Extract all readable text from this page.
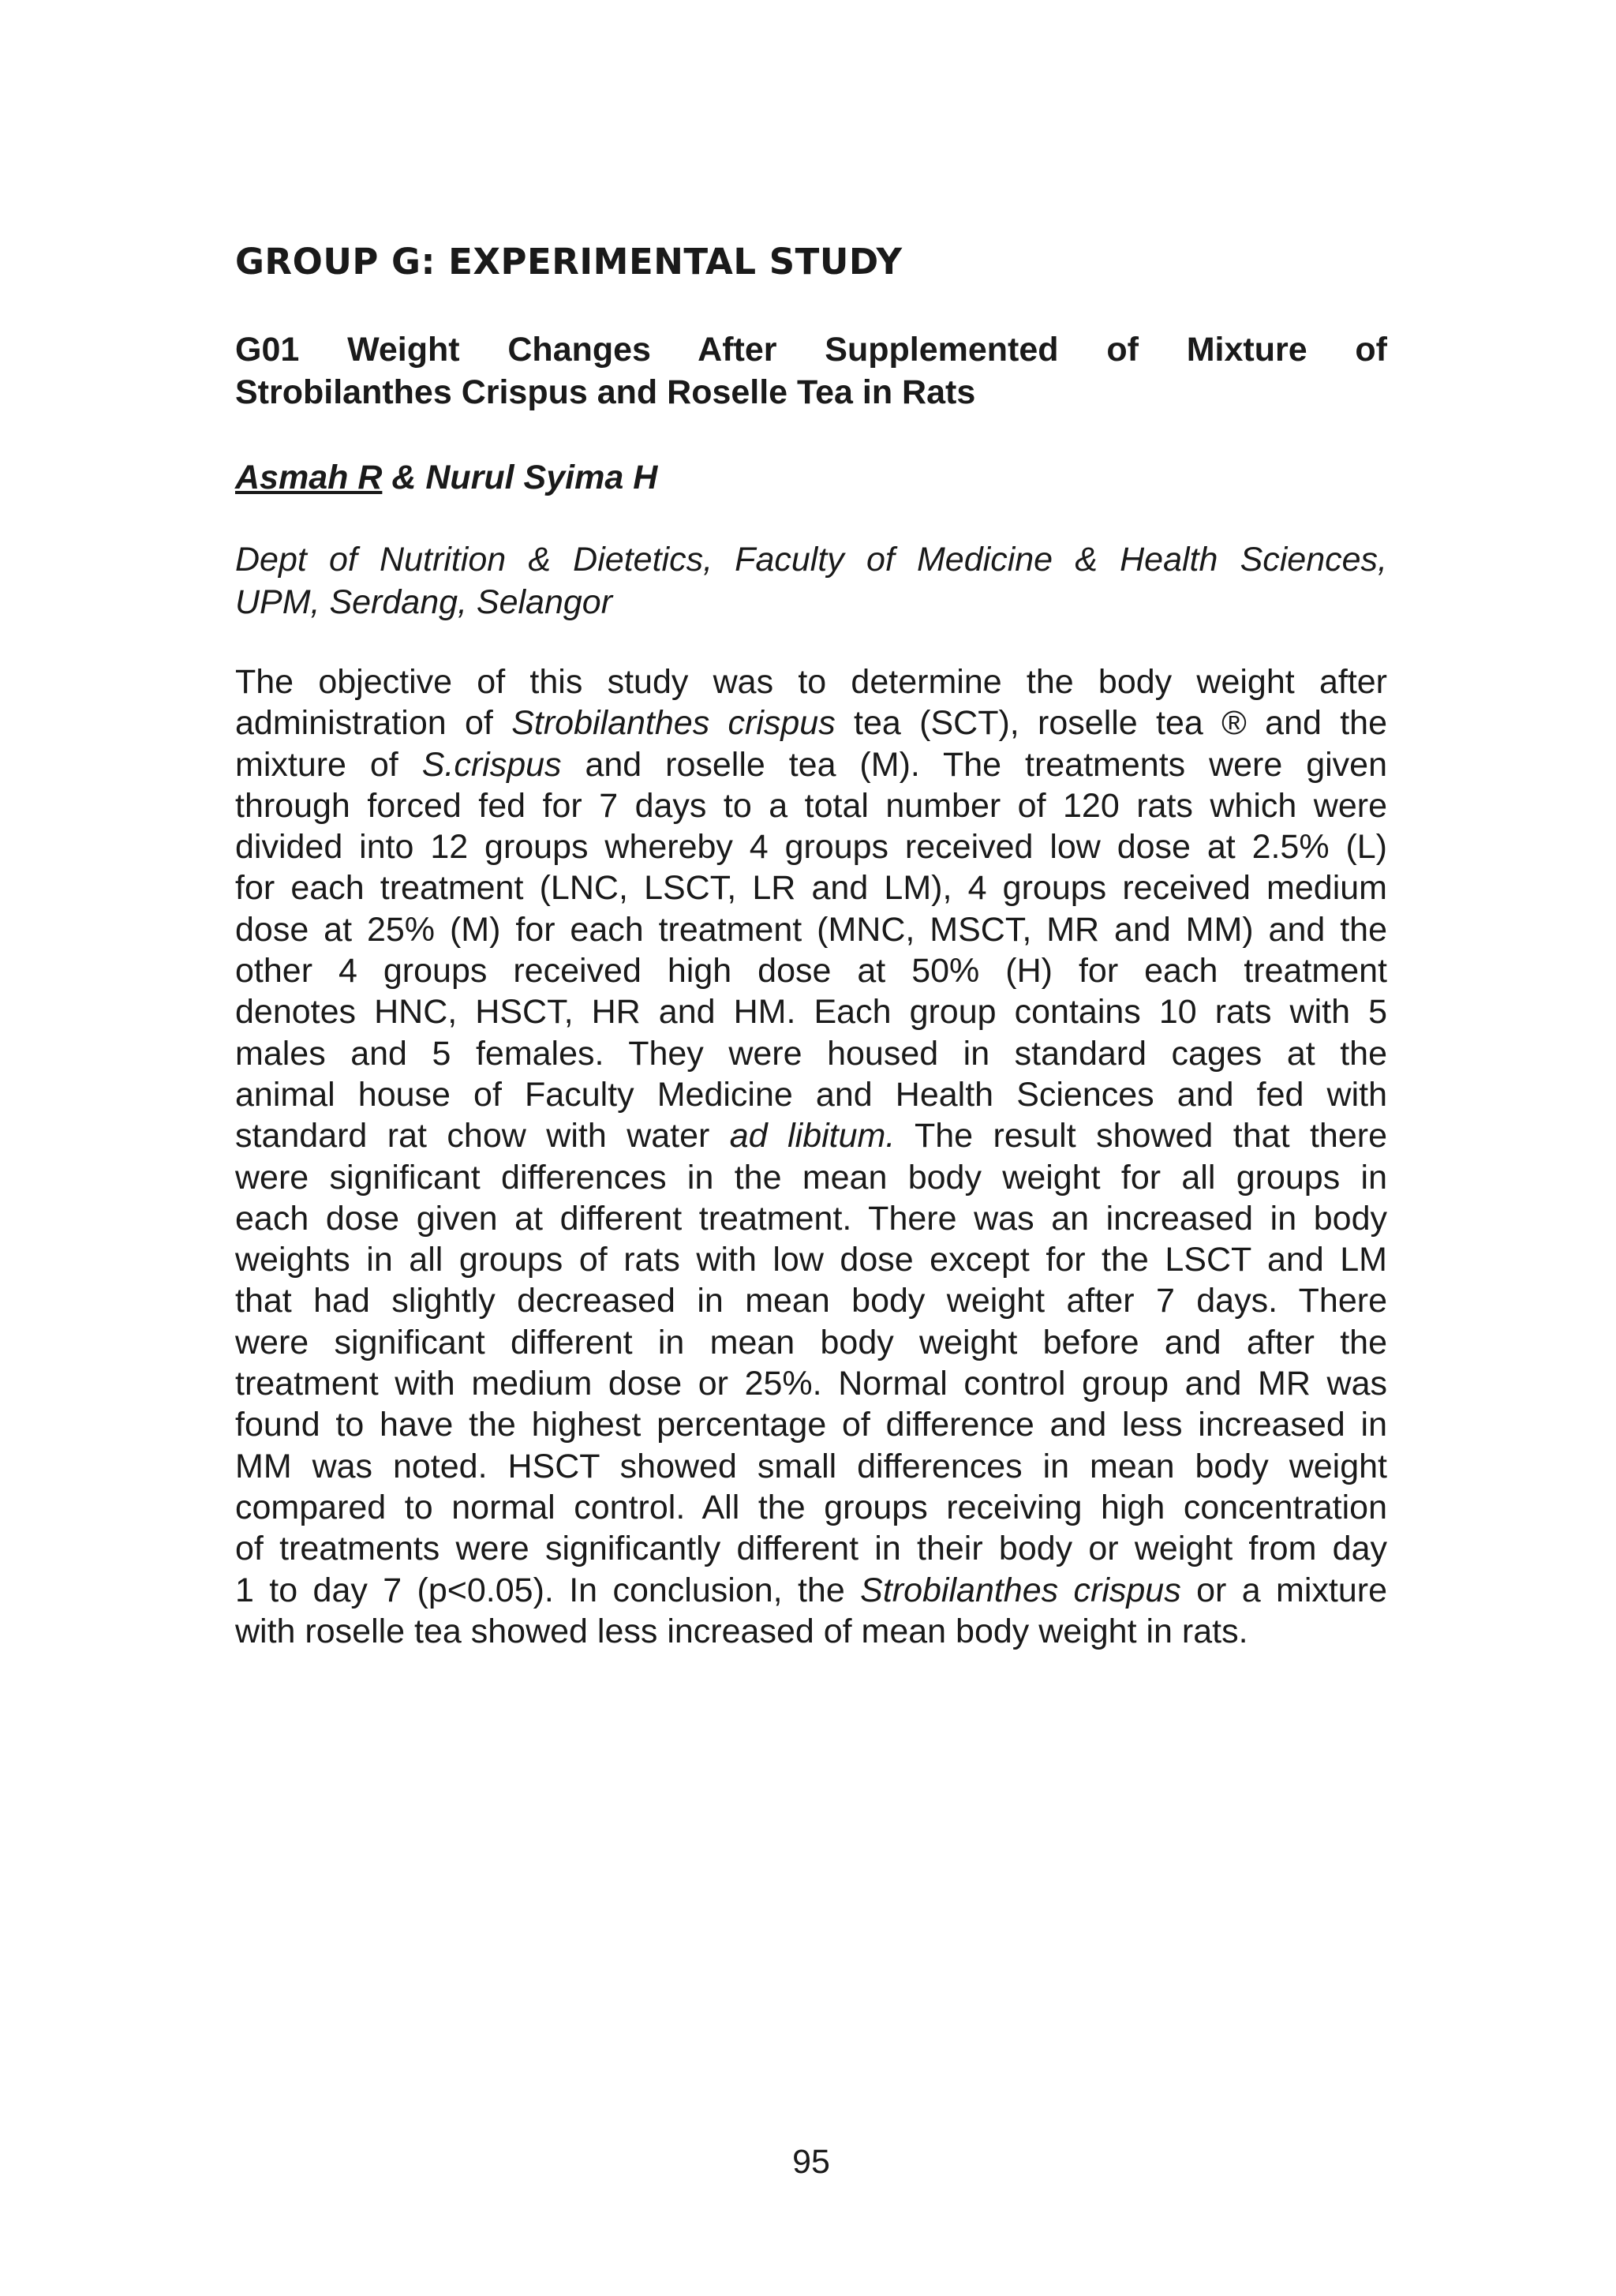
GROUP G: EXPERIMENTAL STUDY
G01 Weight Changes After Supplemented of Mixture of
Strobilanthes Crispus and Roselle Tea in Rats

Asmah R & Nurul Syima H

Dept of Nutrition & Dietetics, Faculty of Medicine & Health Sciences,
UPM, Serdang, Selangor

The objective of this study was to determine the body weight after
administration of Strobilanthes crispus tea (SCT), roselle tea ® and the
mixture of S.crispus and roselle tea (M). The treatments were given
through forced fed for 7 days to a total number of 120 rats which were
divided into 12 groups whereby 4 groups received low dose at 2.5% (L)
for each treatment (LNC, LSCT, LR and LM), 4 groups received medium
dose at 25% (M) for each treatment (MNC, MSCT, MR and MM) and the
other 4 groups received high dose at 50% (H) for each treatment
denotes HNC, HSCT, HR and HM. Each group contains 10 rats with 5
males and 5 females. They were housed in standard cages at the
animal house of Faculty Medicine and Health Sciences and fed with
standard rat chow with water ad libitum. The result showed that there
were significant differences in the mean body weight for all groups in
each dose given at different treatment. There was an increased in body
weights in all groups of rats with low dose except for the LSCT and LM
that had slightly decreased in mean body weight after 7 days. There
were significant different in mean body weight before and after the
treatment with medium dose or 25%. Normal control group and MR was
found to have the highest percentage of difference and less increased in
MM was noted. HSCT showed small differences in mean body weight
compared to normal control. All the groups receiving high concentration
of treatments were significantly different in their body or weight from day
1 to day 7 (p<0.05). In conclusion, the Strobilanthes crispus or a mixture
with roselle tea showed less increased of mean body weight in rats.

95
